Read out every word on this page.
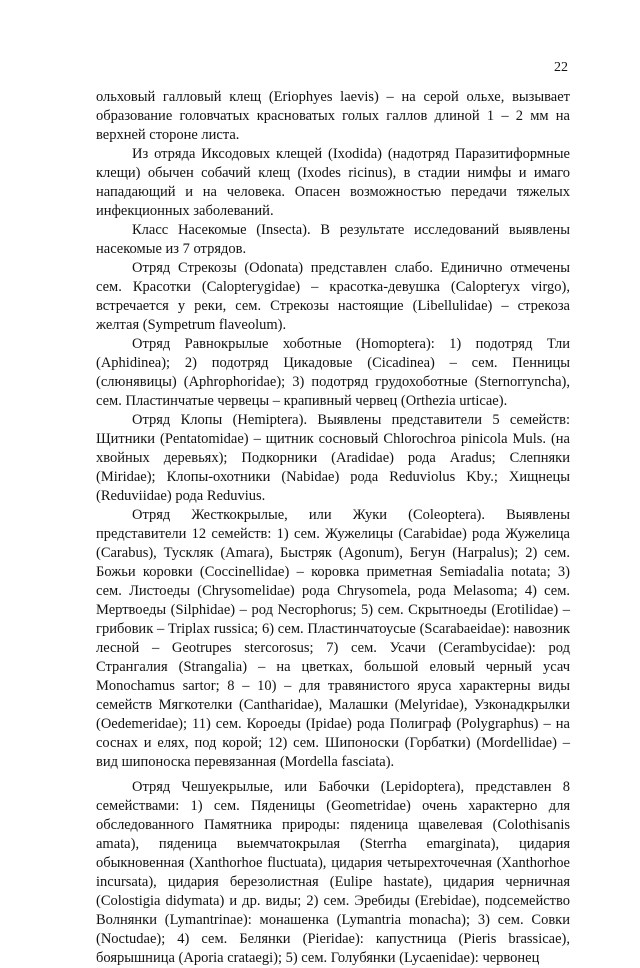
22

ольховый галловый клещ (Eriophyes laevis) – на серой ольхе, вызывает образование головчатых красноватых голых галлов длиной 1 – 2 мм на верхней стороне листа.

Из отряда Иксодовых клещей (Ixodida) (надотряд Паразитиформные клещи) обычен собачий клещ (Ixodes ricinus), в стадии нимфы и имаго нападающий и на человека. Опасен возможностью передачи тяжелых инфекционных заболеваний.

Класс Насекомые (Insecta). В результате исследований выявлены насекомые из 7 отрядов.

Отряд Стрекозы (Odonata) представлен слабо. Единично отмечены сем. Красотки (Calopterygidae) – красотка-девушка (Calopteryx virgo), встречается у реки, сем. Стрекозы настоящие (Libellulidae) – стрекоза желтая (Sympetrum flaveolum).

Отряд Равнокрылые хоботные (Homoptera): 1) подотряд Тли (Aphidinea); 2) подотряд Цикадовые (Cicadinea) – сем. Пенницы (слюнявицы) (Aphrophoridae); 3) подотряд грудохоботные (Sternorryncha), сем. Пластинчатые червецы – крапивный червец (Orthezia urticae).

Отряд Клопы (Hemiptera). Выявлены представители 5 семейств: Щитники (Pentatomidae) – щитник сосновый Chlorochroa pinicola Muls. (на хвойных деревьях); Подкорники (Aradidae) рода Aradus; Слепняки (Miridae); Клопы-охотники (Nabidae) рода Reduviolus Kby.; Хищнецы (Reduviidae) рода Reduvius.

Отряд Жесткокрылые, или Жуки (Coleoptera). Выявлены представители 12 семейств: 1) сем. Жужелицы (Carabidae) рода Жужелица (Carabus), Тускляк (Amara), Быстряк (Agonum), Бегун (Harpalus); 2) сем. Божьи коровки (Coccinellidae) – коровка приметная Semiadalia notata; 3) сем. Листоеды (Chrysomelidae) рода Chrysomela, рода Melasoma; 4) сем. Мертвоеды (Silphidae) – род Necrophorus; 5) сем. Скрытноеды (Erotilidae) – грибовик – Triplax russica; 6) сем. Пластинчатоусые (Scarabaeidae): навозник лесной – Geotrupes stercorosus; 7) сем. Усачи (Cerambycidae): род Странгалия (Strangalia) – на цветках, большой еловый черный усач Monochamus sartor; 8 – 10) – для травянистого яруса характерны виды семейств Мягкотелки (Cantharidae), Малашки (Melyridae), Узконадкрылки (Oedemeridae); 11) сем. Короеды (Ipidae) рода Полиграф (Polygraphus) – на соснах и елях, под корой; 12) сем. Шипоноски (Горбатки) (Mordellidae) – вид шипоноска перевязанная (Mordella fasciata).

Отряд Чешуекрылые, или Бабочки (Lepidoptera), представлен 8 семействами: 1) сем. Пяденицы (Geometridae) очень характерно для обследованного Памятника природы: пяденица щавелевая (Colothisanis amata), пяденица выемчатокрылая (Sterrha emarginata), цидария обыкновенная (Xanthorhoe fluctuata), цидария четырехточечная (Xanthorhoe incursata), цидария березолистная (Eulipe hastate), цидария черничная (Colostigia didymata) и др. виды; 2) сем. Эребиды (Erebidae), подсемейство Волнянки (Lymantrinae): монашенка (Lymantria monacha); 3) сем. Совки (Noctudae); 4) сем. Белянки (Pieridae): капустница (Pieris brassicae), боярышница (Aporia crataegi); 5) сем. Голубянки (Lycaenidae): червонец
